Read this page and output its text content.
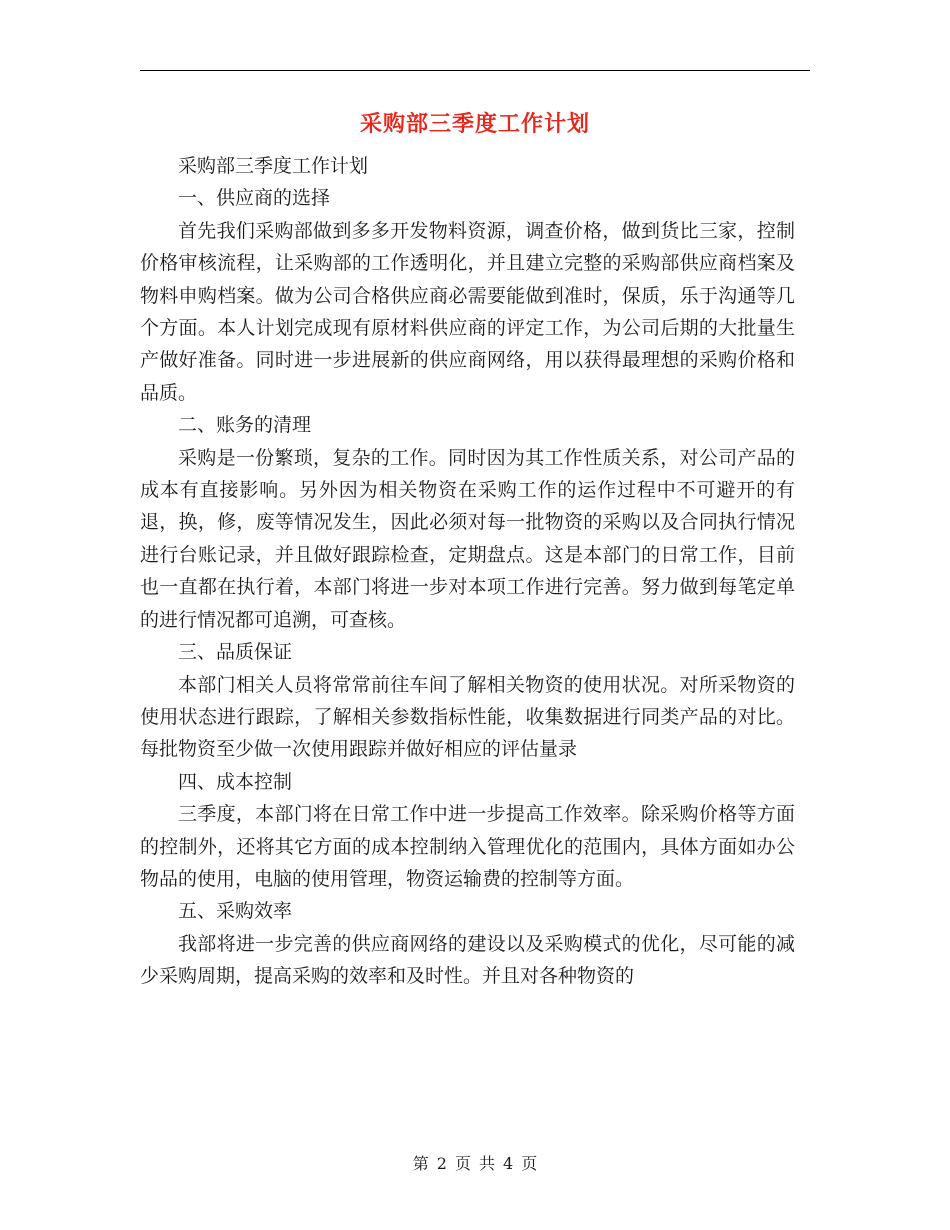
采购部三季度工作计划

采购部三季度工作计划

一、供应商的选择

首先我们采购部做到多多开发物料资源，调查价格，做到货比三家，控制价格审核流程，让采购部的工作透明化，并且建立完整的采购部供应商档案及物料申购档案。做为公司合格供应商必需要能做到准时，保质，乐于沟通等几个方面。本人计划完成现有原材料供应商的评定工作，为公司后期的大批量生产做好准备。同时进一步进展新的供应商网络，用以获得最理想的采购价格和品质。

二、账务的清理

采购是一份繁琐，复杂的工作。同时因为其工作性质关系，对公司产品的成本有直接影响。另外因为相关物资在采购工作的运作过程中不可避开的有退，换，修，废等情况发生，因此必须对每一批物资的采购以及合同执行情况进行台账记录，并且做好跟踪检查，定期盘点。这是本部门的日常工作，目前也一直都在执行着，本部门将进一步对本项工作进行完善。努力做到每笔定单的进行情况都可追溯，可查核。

三、品质保证

本部门相关人员将常常前往车间了解相关物资的使用状况。对所采物资的使用状态进行跟踪，了解相关参数指标性能，收集数据进行同类产品的对比。每批物资至少做一次使用跟踪并做好相应的评估量录

四、成本控制

三季度，本部门将在日常工作中进一步提高工作效率。除采购价格等方面的控制外，还将其它方面的成本控制纳入管理优化的范围内，具体方面如办公物品的使用，电脑的使用管理，物资运输费的控制等方面。

五、采购效率

我部将进一步完善的供应商网络的建设以及采购模式的优化，尽可能的减少采购周期，提高采购的效率和及时性。并且对各种物资的

第 2 页 共 4 页
